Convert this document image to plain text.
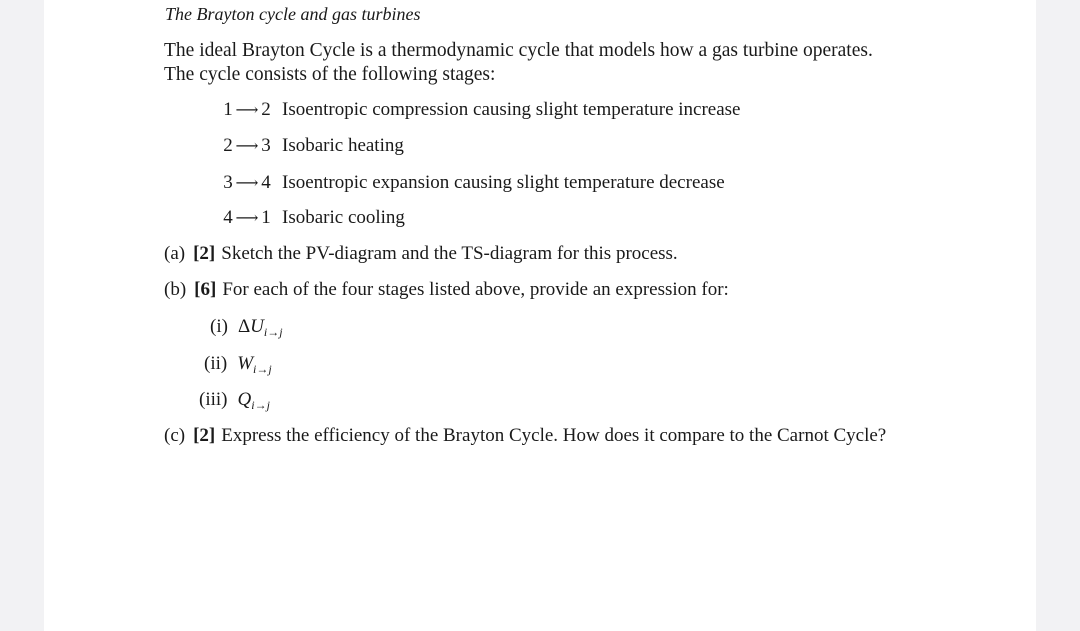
The Brayton cycle and gas turbines
The ideal Brayton Cycle is a thermodynamic cycle that models how a gas turbine operates.
The cycle consists of the following stages:
1 ⟶ 2 Isoentropic compression causing slight temperature increase
2 ⟶ 3 Isobaric heating
3 ⟶ 4 Isoentropic expansion causing slight temperature decrease
4 ⟶ 1 Isobaric cooling
(a) [2] Sketch the PV-diagram and the TS-diagram for this process.
(b) [6] For each of the four stages listed above, provide an expression for:
(i) $\Delta U_{i\to j}$
(ii) $W_{i\to j}$
(iii) $Q_{i\to j}$
(c) [2] Express the efficiency of the Brayton Cycle. How does it compare to the Carnot Cycle?
